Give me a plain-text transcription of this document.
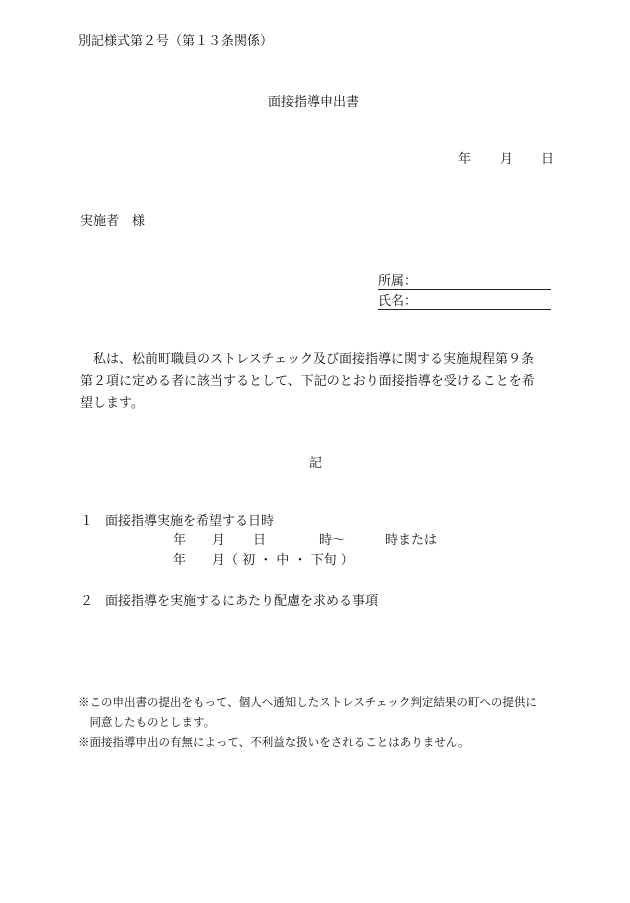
別記様式第２号（第１３条関係）
面接指導申出書
年 月 日
実施者　様
所属：
氏名：
私は、松前町職員のストレスチェック及び面接指導に関する実施規程第９条
第２項に定める者に該当するとして、下記のとおり面接指導を受けることを希
望します。
記
１ 面接指導実施を希望する日時
年 月 日	時～	時または
年 月（ 初 ・ 中 ・ 下旬 ）
２ 面接指導を実施するにあたり配慮を求める事項
※この申出書の提出をもって、個人へ通知したストレスチェック判定結果の町への提供に
　同意したものとします。
※面接指導申出の有無によって、不利益な扱いをされることはありません。
